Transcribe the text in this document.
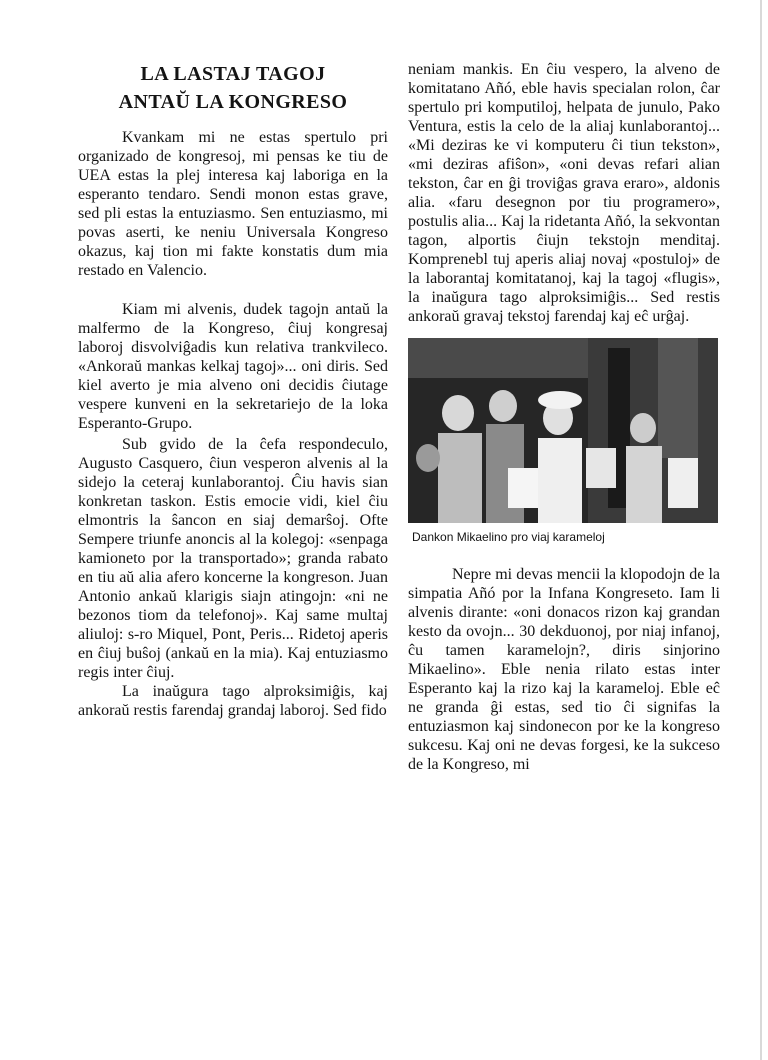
LA LASTAJ TAGOJ
ANTAŬ LA KONGRESO

Kvankam mi ne estas spertulo pri organizado de kongresoj, mi pensas ke tiu de UEA estas la plej interesa kaj laboriga en la esperanto tendaro. Sendi monon estas grave, sed pli estas la entuziasmo. Sen entuziasmo, mi povas aserti, ke neniu Universala Kongreso okazus, kaj tion mi fakte konstatis dum mia restado en Valencio.

Kiam mi alvenis, dudek tagojn antaŭ la malfermo de la Kongreso, ĉiuj kongresaj laboroj disvolviĝadis kun relativa trankvileco. «Ankoraŭ mankas kelkaj tagoj»... oni diris. Sed kiel averto je mia alveno oni decidis ĉiutage vespere kunveni en la sekretariejo de la loka Esperanto-Grupo.

Sub gvido de la ĉefa respondeculo, Augusto Casquero, ĉiun vesperon alvenis al la sidejo la ceteraj kunlaborantoj. Ĉiu havis sian konkretan taskon. Estis emocie vidi, kiel ĉiu elmontris la ŝancon en siaj demarŝoj. Ofte Sempere triunfe anoncis al la kolegoj: «senpaga kamioneto por la transportado»; granda rabato en tiu aŭ alia afero koncerne la kongreson. Juan Antonio ankaŭ klarigis siajn atingojn: «ni ne bezonos tiom da telefonoj». Kaj same multaj aliuloj: s-ro Miquel, Pont, Peris... Ridetoj aperis en ĉiuj buŝoj (ankaŭ en la mia). Kaj entuziasmo regis inter ĉiuj.

La inaŭgura tago alproksimiĝis, kaj ankoraŭ restis farendaj grandaj laboroj. Sed fido

neniam mankis. En ĉiu vespero, la alveno de komitatano Añó, eble havis specialan rolon, ĉar spertulo pri komputiloj, helpata de junulo, Pako Ventura, estis la celo de la aliaj kunlaborantoj... «Mi deziras ke vi komputeru ĉi tiun tekston», «mi deziras afiŝon», «oni devas refari alian tekston, ĉar en ĝi troviĝas grava eraro», aldonis alia. «faru desegnon por tiu programero», postulis alia... Kaj la ridetanta Añó, la sekvontan tagon, alportis ĉiujn tekstojn menditaj. Komprenebl tuj aperis aliaj novaj «postuloj» de la laborantaj komitatanoj, kaj la tagoj «flugis», la inaŭgura tago alproksimiĝis... Sed restis ankoraŭ gravaj tekstoj farendaj kaj eĉ urĝaj.

Dankon Mikaelino pro viaj karameloj

Nepre mi devas mencii la klopodojn de la simpatia Añó por la Infana Kongreseto. Iam li alvenis dirante: «oni donacos rizon kaj grandan kesto da ovojn... 30 dekduonoj, por niaj infanoj, ĉu tamen karamelojn?, diris sinjorino Mikaelino». Eble nenia rilato estas inter Esperanto kaj la rizo kaj la karameloj. Eble eĉ ne granda ĝi estas, sed tio ĉi signifas la entuziasmon kaj sindonecon por ke la kongreso sukcesu. Kaj oni ne devas forgesi, ke la sukceso de la Kongreso, mi
